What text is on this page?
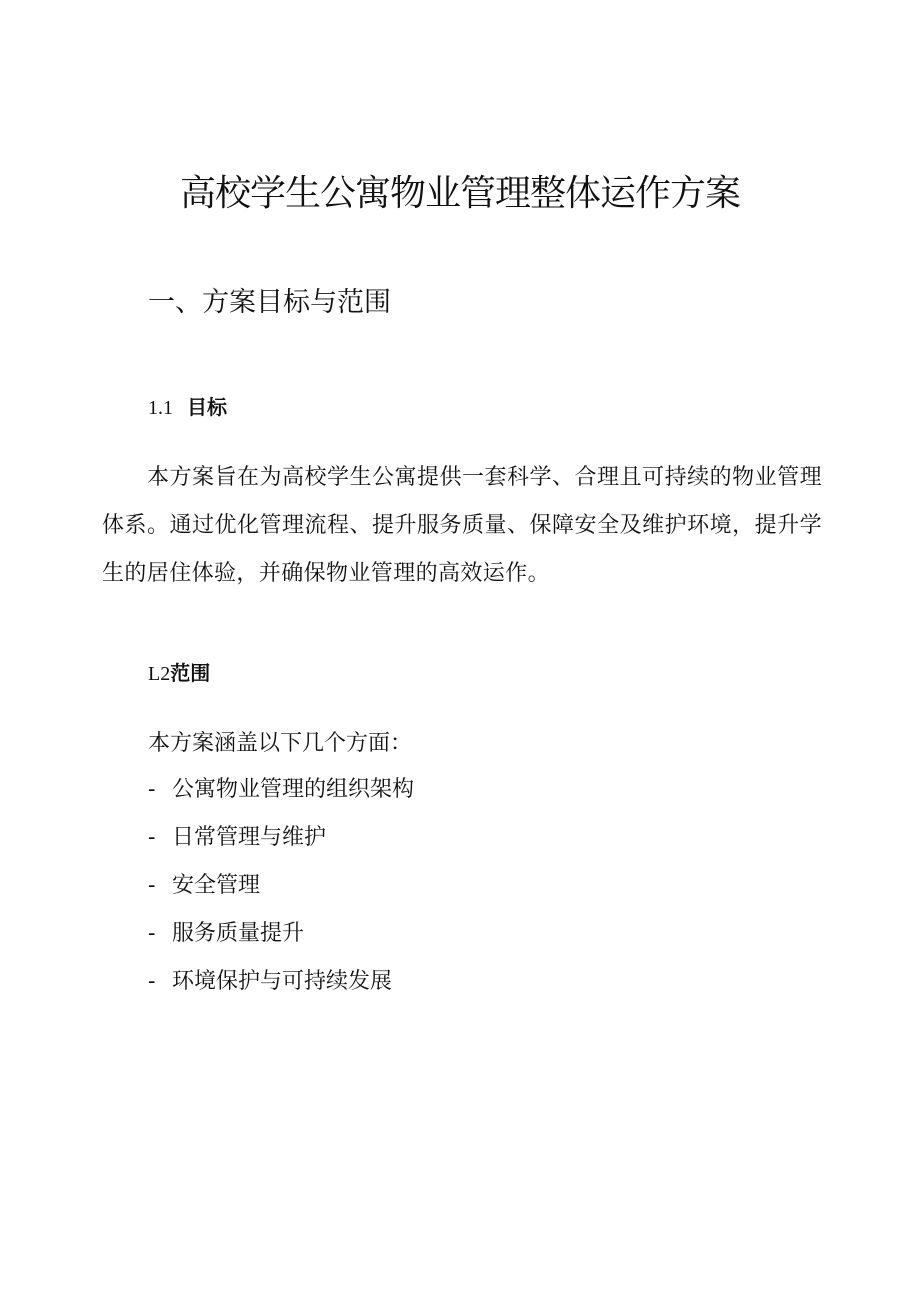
高校学生公寓物业管理整体运作方案
一、方案目标与范围
1.1 目标

本方案旨在为高校学生公寓提供一套科学、合理且可持续的物业管理体系。通过优化管理流程、提升服务质量、保障安全及维护环境，提升学生的居住体验，并确保物业管理的高效运作。

L2范围

本方案涵盖以下几个方面：

- 公寓物业管理的组织架构
- 日常管理与维护
- 安全管理
- 服务质量提升
- 环境保护与可持续发展
